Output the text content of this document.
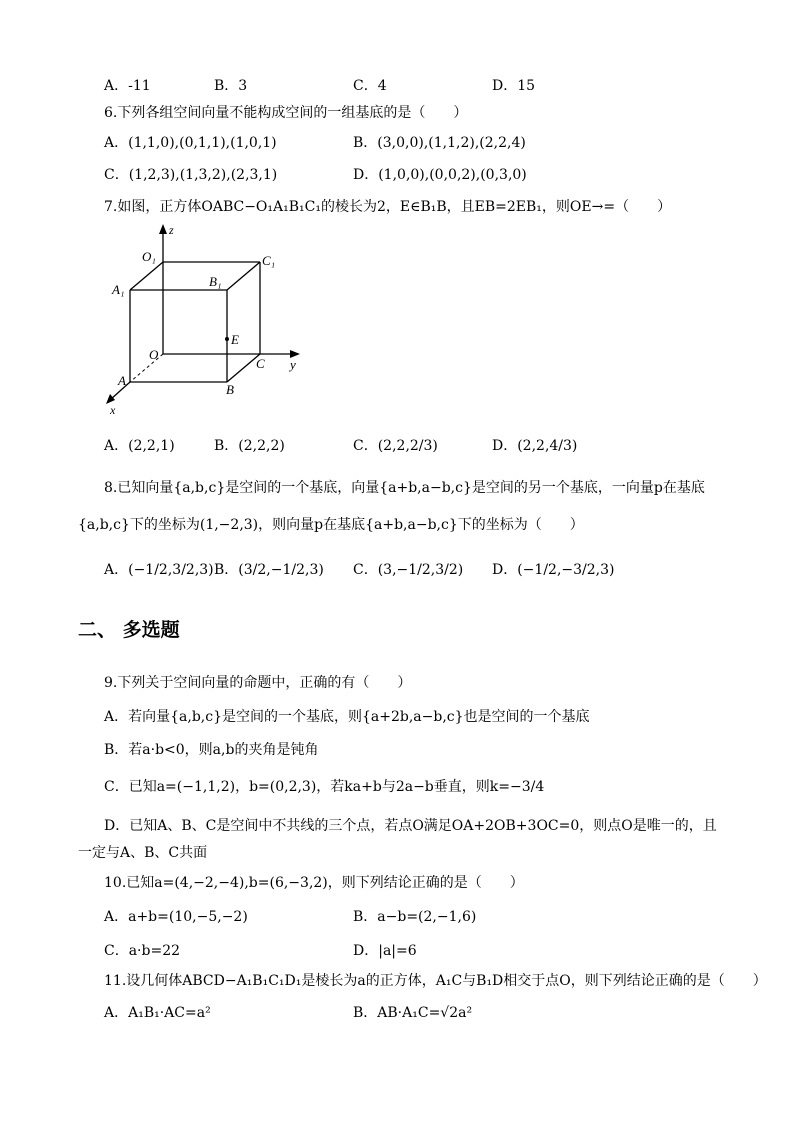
A．-11	B．3	C．4	D．15
6.下列各组空间向量不能构成空间的一组基底的是（　　）
A．(1,1,0),(0,1,1),(1,0,1)	B．(3,0,0),(1,1,2),(2,2,4)
C．(1,2,3),(1,3,2),(2,3,1)	D．(1,0,0),(0,0,2),(0,3,0)
7.如图，正方体OABC−O₁A₁B₁C₁的棱长为2，E∈B₁B，且EB=2EB₁，则OE→=（　　）
z
y
x
O₁	C₁
A₁
B₁
E
O
C
A
B
A．(2,2,1)	B．(2,2,2)	C．(2,2,2/3)	D．(2,2,4/3)
8.已知向量{a,b,c}是空间的一个基底，向量{a+b,a−b,c}是空间的另一个基底，一向量p在基底
{a,b,c}下的坐标为(1,−2,3)，则向量p在基底{a+b,a−b,c}下的坐标为（　　）
A．(−1/2,3/2,3) B．(3/2,−1/2,3) C．(3,−1/2,3/2) D．(−1/2,−3/2,3)
二、 多选题
9.下列关于空间向量的命题中，正确的有（　　）
A．若向量{a,b,c}是空间的一个基底，则{a+2b,a−b,c}也是空间的一个基底
B．若a·b<0，则a,b的夹角是钝角
C．已知a=(−1,1,2)，b=(0,2,3)，若ka+b与2a−b垂直，则k=−3/4
D．已知A、B、C是空间中不共线的三个点，若点O满足OA+2OB+3OC=0，则点O是唯一的，且
一定与A、B、C共面
10.已知a=(4,−2,−4),b=(6,−3,2)，则下列结论正确的是（　　）
A．a+b=(10,−5,−2)	B．a−b=(2,−1,6)
C．a·b=22	D．|a|=6
11.设几何体ABCD−A₁B₁C₁D₁是棱长为a的正方体，A₁C与B₁D相交于点O，则下列结论正确的是（　　）
A．A₁B₁·AC=a²	B．AB·A₁C=√2a²
